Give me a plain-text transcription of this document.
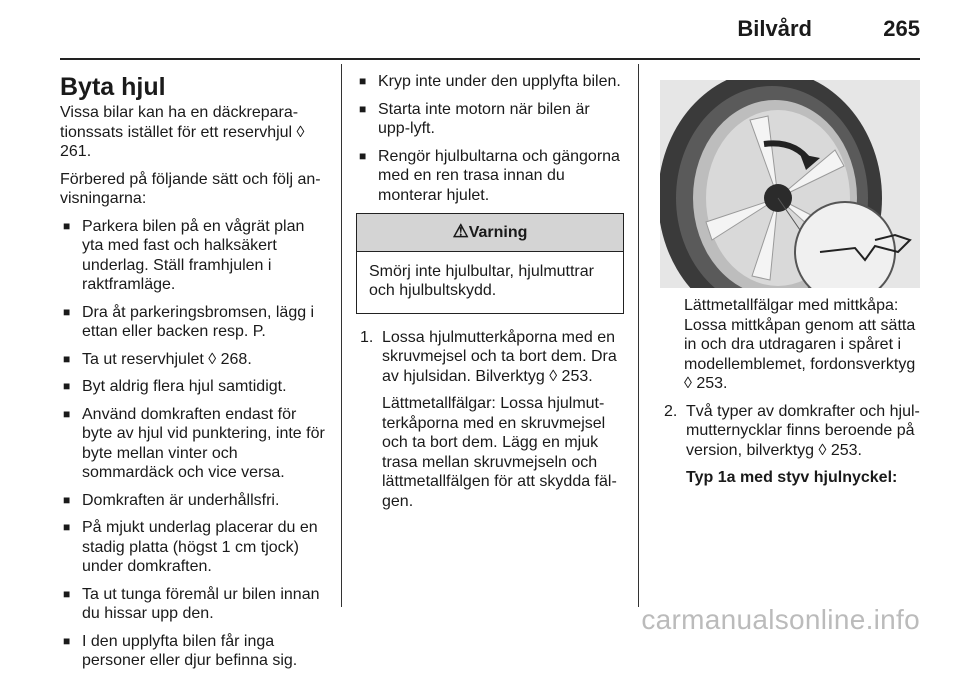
Bilvård	265
Byta hjul

Vissa bilar kan ha en däckrepara-tionssats istället för ett reservhjul ◊ 261.

Förbered på följande sätt och följ an-visningarna:

■ Parkera bilen på en vågrät plan yta med fast och halksäkert underlag. Ställ framhjulen i raktframläge.
■ Dra åt parkeringsbromsen, lägg i ettan eller backen resp. P.
■ Ta ut reservhjulet ◊ 268.
■ Byt aldrig flera hjul samtidigt.
■ Använd domkraften endast för byte av hjul vid punktering, inte för byte mellan vinter och sommardäck och vice versa.
■ Domkraften är underhållsfri.
■ På mjukt underlag placerar du en stadig platta (högst 1 cm tjock) under domkraften.
■ Ta ut tunga föremål ur bilen innan du hissar upp den.
■ I den upplyfta bilen får inga personer eller djur befinna sig.
■ Kryp inte under den upplyfta bilen.
■ Starta inte motorn när bilen är upp-lyft.
■ Rengör hjulbultarna och gängorna med en ren trasa innan du monterar hjulet.
⚠Varning
Smörj inte hjulbultar, hjulmuttrar och hjulbultskydd.
1. Lossa hjulmutterkåporna med en skruvmejsel och ta bort dem. Dra av hjulsidan. Bilverktyg ◊ 253.

Lättmetallfälgar: Lossa hjulmut-terkåporna med en skruvmejsel och ta bort dem. Lägg en mjuk trasa mellan skruvmejseln och lättmetallfälgen för att skydda fäl-gen.

Lättmetallfälgar med mittkåpa: Lossa mittkåpan genom att sätta in och dra utdragaren i spåret i modellemblemet, fordonsverktyg ◊ 253.

2. Två typer av domkrafter och hjul-mutternycklar finns beroende på version, bilverktyg ◊ 253.

Typ 1a med styv hjulnyckel:

carmanualsonline.info
